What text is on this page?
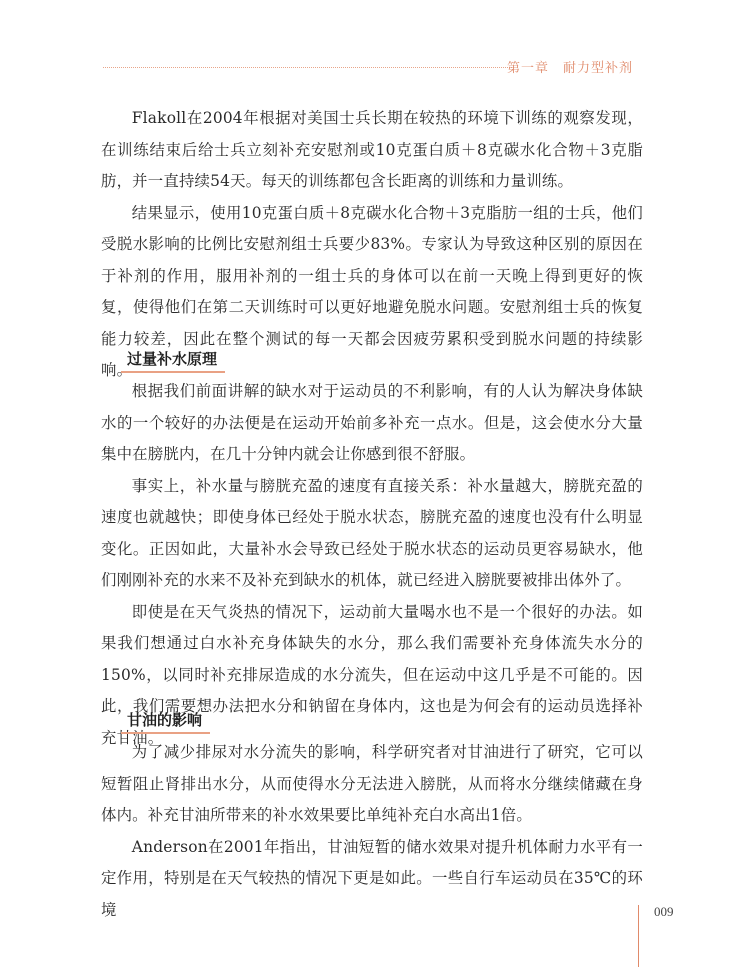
第一章　耐力型补剂

Flakoll在2004年根据对美国士兵长期在较热的环境下训练的观察发现，在训练结束后给士兵立刻补充安慰剂或10克蛋白质＋8克碳水化合物＋3克脂肪，并一直持续54天。每天的训练都包含长距离的训练和力量训练。

结果显示，使用10克蛋白质＋8克碳水化合物＋3克脂肪一组的士兵，他们受脱水影响的比例比安慰剂组士兵要少83%。专家认为导致这种区别的原因在于补剂的作用，服用补剂的一组士兵的身体可以在前一天晚上得到更好的恢复，使得他们在第二天训练时可以更好地避免脱水问题。安慰剂组士兵的恢复能力较差，因此在整个测试的每一天都会因疲劳累积受到脱水问题的持续影响。

过量补水原理

根据我们前面讲解的缺水对于运动员的不利影响，有的人认为解决身体缺水的一个较好的办法便是在运动开始前多补充一点水。但是，这会使水分大量集中在膀胱内，在几十分钟内就会让你感到很不舒服。

事实上，补水量与膀胱充盈的速度有直接关系：补水量越大，膀胱充盈的速度也就越快；即使身体已经处于脱水状态，膀胱充盈的速度也没有什么明显变化。正因如此，大量补水会导致已经处于脱水状态的运动员更容易缺水，他们刚刚补充的水来不及补充到缺水的机体，就已经进入膀胱要被排出体外了。

即使是在天气炎热的情况下，运动前大量喝水也不是一个很好的办法。如果我们想通过白水补充身体缺失的水分，那么我们需要补充身体流失水分的150%，以同时补充排尿造成的水分流失，但在运动中这几乎是不可能的。因此，我们需要想办法把水分和钠留在身体内，这也是为何会有的运动员选择补充甘油。

甘油的影响

为了减少排尿对水分流失的影响，科学研究者对甘油进行了研究，它可以短暂阻止肾排出水分，从而使得水分无法进入膀胱，从而将水分继续储藏在身体内。补充甘油所带来的补水效果要比单纯补充白水高出1倍。

Anderson在2001年指出，甘油短暂的储水效果对提升机体耐力水平有一定作用，特别是在天气较热的情况下更是如此。一些自行车运动员在35℃的环境	009
